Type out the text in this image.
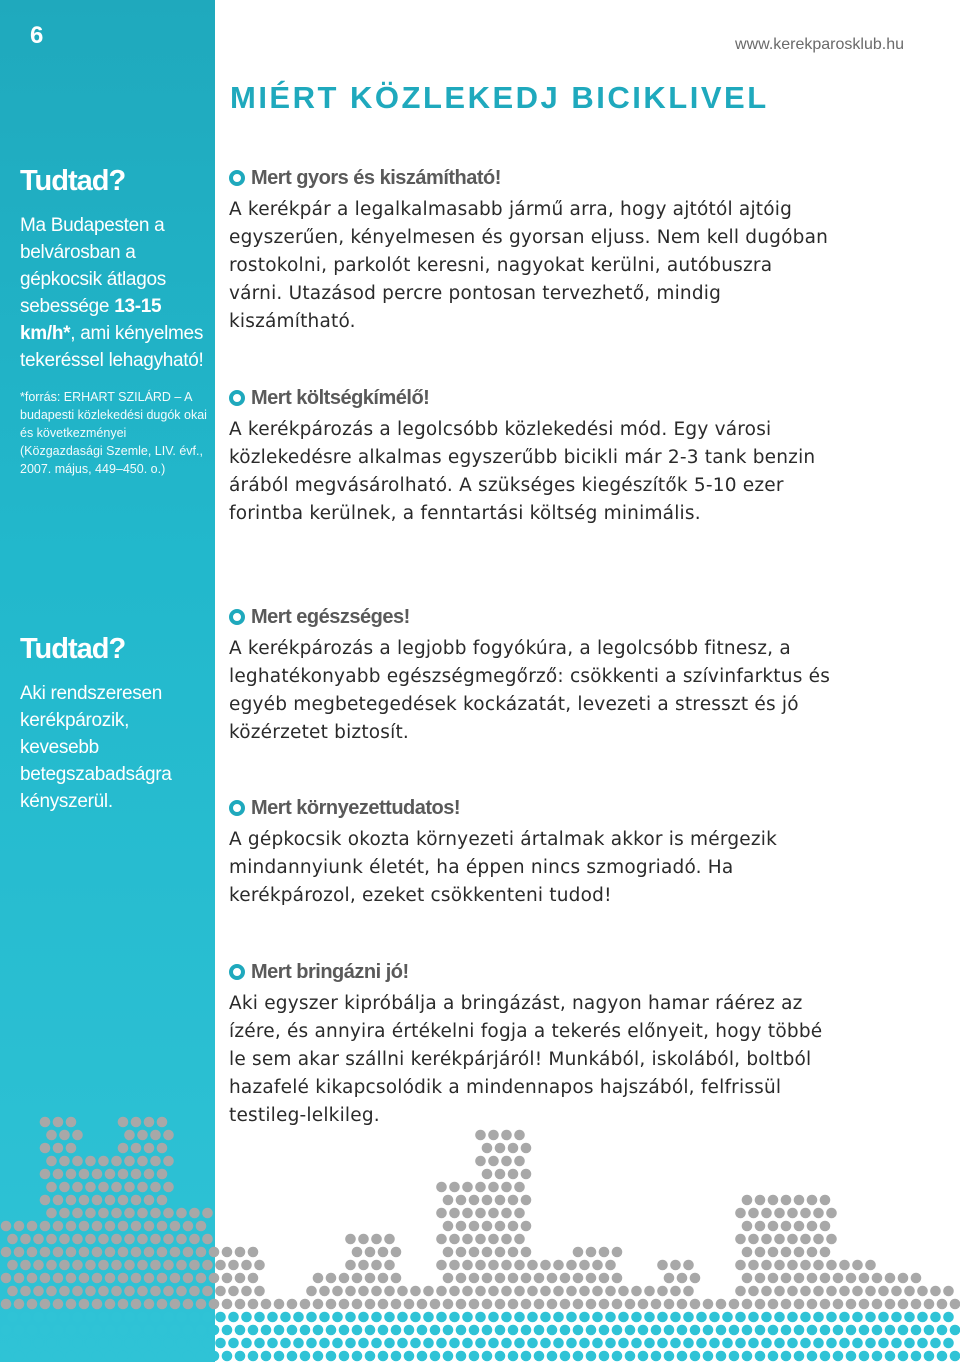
6
Tudtad?
Ma Budapesten a belvárosban a gépkocsik átlagos sebessége 13-15 km/h*, ami kényelmes tekeréssel lehagyható!
*forrás: ERHART SZILÁRD – A budapesti közlekedési dugók okai és következményei (Közgazdasági Szemle, LIV. évf., 2007. május, 449–450. o.)
Tudtad?
Aki rendszeresen kerékpározik, kevesebb betegszabadságra kényszerül.
www.kerekparosklub.hu
MIÉRT KÖZLEKEDJ BICIKLIVEL
Mert gyors és kiszámítható!
A kerékpár a legalkalmasabb jármű arra, hogy ajtótól ajtóig egyszerűen, kényelmesen és gyorsan eljuss. Nem kell dugóban rostokolni, parkolót keresni, nagyokat kerülni, autóbuszra várni. Utazásod percre pontosan tervezhető, mindig kiszámítható.
Mert költségkímélő!
A kerékpározás a legolcsóbb közlekedési mód. Egy városi közlekedésre alkalmas egyszerűbb bicikli már 2-3 tank benzin árából megvásárolható. A szükséges kiegészítők 5-10 ezer forintba kerülnek, a fenntartási költség minimális.
Mert egészséges!
A kerékpározás a legjobb fogyókúra, a legolcsóbb fitnesz, a leghatékonyabb egészségmegőrző: csökkenti a szívinfarktus és egyéb megbetegedések kockázatát, levezeti a stresszt és jó közérzetet biztosít.
Mert környezettudatos!
A gépkocsik okozta környezeti ártalmak akkor is mérgezik mindannyiunk életét, ha éppen nincs szmogriadó. Ha kerékpározol, ezeket csökkenteni tudod!
Mert bringázni jó!
Aki egyszer kipróbálja a bringázást, nagyon hamar ráérez az ízére, és annyira értékelni fogja a tekerés előnyeit, hogy többé le sem akar szállni kerékpárjáról! Munkából, iskolából, boltból hazafelé kikapcsolódik a mindennapos hajszából, felfrissül testileg-lelkileg.
